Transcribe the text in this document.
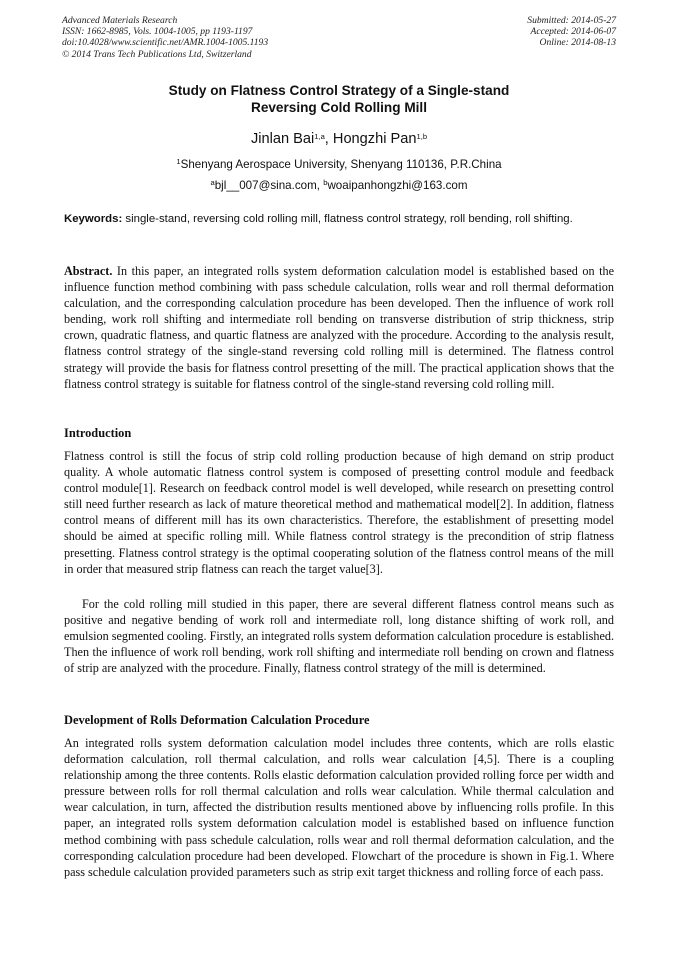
Advanced Materials Research
ISSN: 1662-8985, Vols. 1004-1005, pp 1193-1197
doi:10.4028/www.scientific.net/AMR.1004-1005.1193
© 2014 Trans Tech Publications Ltd, Switzerland
Submitted: 2014-05-27
Accepted: 2014-06-07
Online: 2014-08-13
Study on Flatness Control Strategy of a Single-stand
Reversing Cold Rolling Mill
Jinlan Bai$^{1,a}$, Hongzhi Pan$^{1,b}$
$^1$Shenyang Aerospace University, Shenyang 110136, P.R.China
$^a$bjl__007@sina.com, $^b$woaipanhongzhi@163.com
Keywords: single-stand, reversing cold rolling mill, flatness control strategy, roll bending, roll shifting.
Abstract. In this paper, an integrated rolls system deformation calculation model is established based on the influence function method combining with pass schedule calculation, rolls wear and roll thermal deformation calculation, and the corresponding calculation procedure has been developed. Then the influence of work roll bending, work roll shifting and intermediate roll bending on transverse distribution of strip thickness, strip crown, quadratic flatness, and quartic flatness are analyzed with the procedure. According to the analysis result, flatness control strategy of the single-stand reversing cold rolling mill is determined. The flatness control strategy will provide the basis for flatness control presetting of the mill. The practical application shows that the flatness control strategy is suitable for flatness control of the single-stand reversing cold rolling mill.
Introduction

Flatness control is still the focus of strip cold rolling production because of high demand on strip product quality. A whole automatic flatness control system is composed of presetting control module and feedback control module[1]. Research on feedback control model is well developed, while research on presetting control still need further research as lack of mature theoretical method and mathematical model[2]. In addition, flatness control means of different mill has its own characteristics. Therefore, the establishment of presetting model should be aimed at specific rolling mill. While flatness control strategy is the precondition of strip flatness presetting. Flatness control strategy is the optimal cooperating solution of the flatness control means of the mill in order that measured strip flatness can reach the target value[3].

For the cold rolling mill studied in this paper, there are several different flatness control means such as positive and negative bending of work roll and intermediate roll, long distance shifting of work roll, and emulsion segmented cooling. Firstly, an integrated rolls system deformation calculation procedure is established. Then the influence of work roll bending, work roll shifting and intermediate roll bending on crown and flatness of strip are analyzed with the procedure. Finally, flatness control strategy of the mill is determined.

Development of Rolls Deformation Calculation Procedure

An integrated rolls system deformation calculation model includes three contents, which are rolls elastic deformation calculation, roll thermal calculation, and rolls wear calculation [4,5]. There is a coupling relationship among the three contents. Rolls elastic deformation calculation provided rolling force per width and pressure between rolls for roll thermal calculation and rolls wear calculation. While thermal calculation and wear calculation, in turn, affected the distribution results mentioned above by influencing rolls profile. In this paper, an integrated rolls system deformation calculation model is established based on influence function method combining with pass schedule calculation, rolls wear and roll thermal deformation calculation, and the corresponding calculation procedure had been developed. Flowchart of the procedure is shown in Fig.1. Where pass schedule calculation provided parameters such as strip exit target thickness and rolling force of each pass.
